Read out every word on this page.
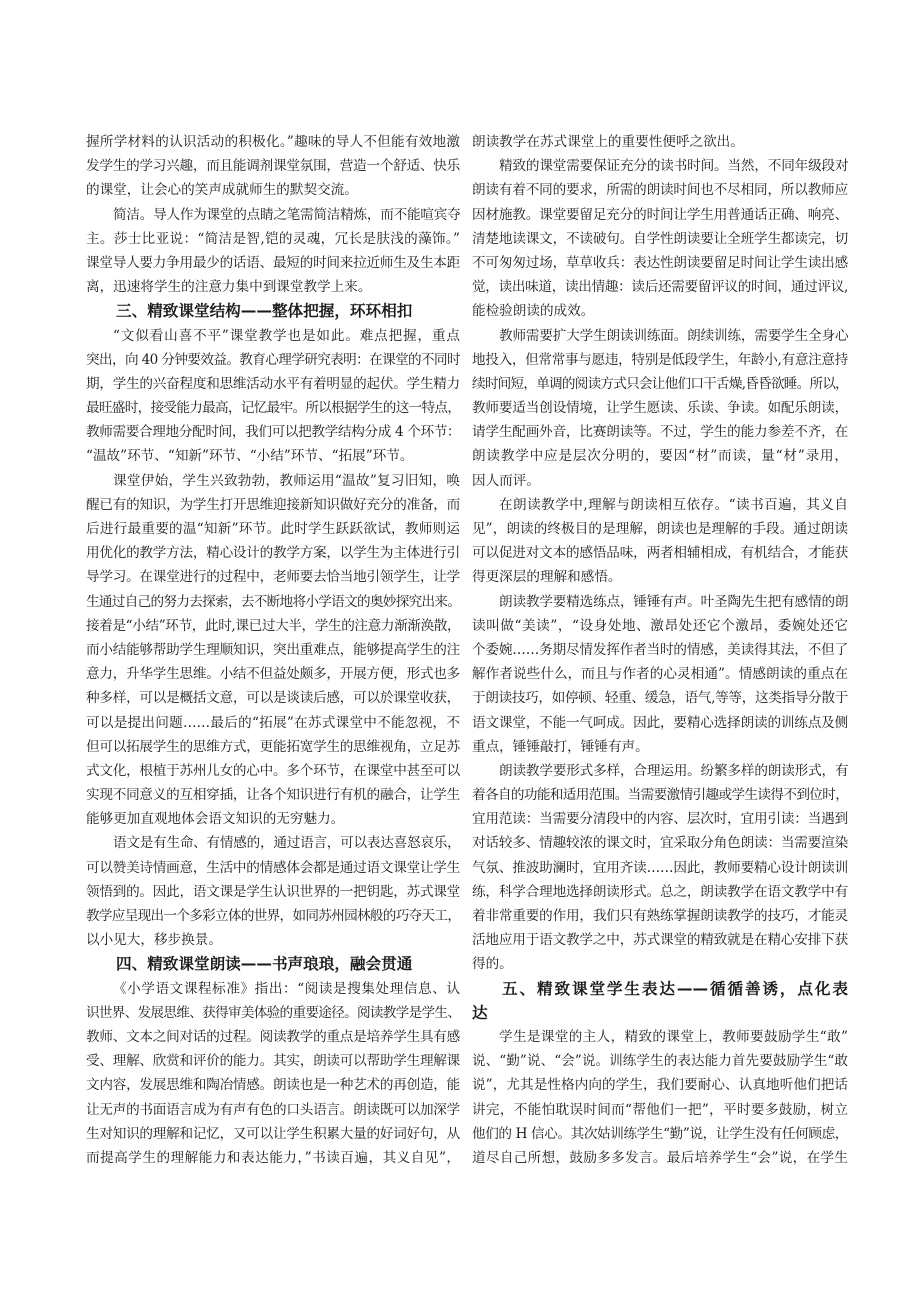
握所学材料的认识活动的积极化。”趣味的导人不但能有效地激
发学生的学习兴趣，而且能调剂课堂氛围，营造一个舒适、快乐
的课堂，让会心的笑声成就师生的默契交流。
简洁。导人作为课堂的点睛之笔需简洁精炼，而不能喧宾夺
主。莎士比亚说：“简洁是智,铠的灵魂，冗长是肤浅的藻饰。”
课堂导人要力争用最少的话语、最短的时间来拉近师生及生本距
离，迅速将学生的注意力集中到课堂教学上来。
三、精致课堂结构——整体把握，环环相扣
“文似看山喜不平”课堂教学也是如此。难点把握，重点
突出，向 40 分钟要效益。教育心理学研究表明：在课堂的不同时
期，学生的兴奋程度和思维活动水平有着明显的起伏。学生精力
最旺盛时，接受能力最高，记忆最牢。所以根据学生的这一特点，
教师需要合理地分配时间，我们可以把教学结构分成 4 个环节：
“温故”环节、“知新”环节、“小结”环节、“拓展”环节。
课堂伊始，学生兴致勃勃，教师运用“温故”复习旧知，唤
醒已有的知识，为学生打开思维迎接新知识做好充分的准备，而
后进行最重要的温“知新”环节。此时学生跃跃欲试，教师则运
用优化的教学方法，精心设计的教学方案，以学生为主体进行引
导学习。在课堂进行的过程中，老师要去恰当地引领学生，让学
生通过自己的努力去探索，去不断地将小学语文的奥妙探究出来。
接着是“小结”环节，此时,课已过大半，学生的注意力渐渐涣散，
而小结能够帮助学生理顺知识，突出重难点，能够提高学生的注
意力，升华学生思维。小结不但益处颇多，开展方便，形式也多
种多样，可以是概括文意，可以是谈读后感，可以於课堂收获，
可以是提出问题……最后的“拓展”在苏式课堂中不能忽视，不
但可以拓展学生的思维方式，更能拓宽学生的思维视角，立足苏
式文化，根植于苏州儿女的心中。多个环节，在课堂中甚至可以
实现不同意义的互相穿插，让各个知识进行有机的融合，让学生
能够更加直观地体会语文知识的无穷魅力。
语文是有生命、有情感的，通过语言，可以表达喜怒哀乐，
可以赞美诗情画意，生活中的情感体会都是通过语文课堂让学生
领悟到的。因此，语文课是学生认识世界的一把钥匙，苏式课堂
教学应呈现出一个多彩立体的世界，如同苏州园林般的巧夺天工，
以小见大，移步换景。
四、精致课堂朗读——书声琅琅，融会贯通
《小学语文课程标准》指出：“阅读是搜集处理信息、认
识世界、发展思维、获得审美体验的重要途径。阅读教学是学生、
教师、文本之间对话的过程。阅读教学的重点是培养学生具有感
受、理解、欣赏和评价的能力。其实，朗读可以帮助学生理解课
文内容，发展思维和陶冶情感。朗读也是一种艺术的再创造，能
让无声的书面语言成为有声有色的口头语言。朗读既可以加深学
生对知识的理解和记忆，又可以让学生积累大量的好词好句，从
而提高学生的理解能力和表达能力，”书读百遍，其义自见”，
朗读教学在苏式课堂上的重要性便呼之欲出。
精致的课堂需要保证充分的读书时间。当然，不同年级段对
朗读有着不同的要求，所需的朗读时间也不尽相同，所以教师应
因材施教。课堂要留足充分的时间让学生用普通话正确、响亮、
清楚地读课文，不读破句。自学性朗读要让全班学生都读完，切
不可匆匆过场，草草收兵：表达性朗读要留足时间让学生读出感
觉，读出味道，读出情趣：读后还需要留评议的时间，通过评议,
能检验朗读的成效。
教师需要扩大学生朗读训练面。朗续训练，需要学生全身心
地投入，但常常事与愿违，特别是低段学生，年龄小,有意注意持
续时间短，单调的阅读方式只会让他们口干舌燥,昏昏欲睡。所以，
教师要适当创设情境，让学生愿读、乐读、争读。如配乐朗读，
请学生配画外音，比赛朗读等。不过，学生的能力参差不齐，在
朗读教学中应是层次分明的，要因“材”而读，量“材”录用，
因人而评。
在朗读教学中,理解与朗读相互依存。“读书百遍，其义自
见”，朗读的终极目的是理解，朗读也是理解的手段。通过朗读
可以促进对文本的感悟品味，两者相辅相成，有机结合，才能获
得更深层的理解和感悟。
朗读教学要精选练点，锤锤有声。叶圣陶先生把有感情的朗
读叫做“美读”，“设身处地、激昂处还它个激昂，委婉处还它
个委婉……务期尽情发挥作者当时的情感，美读得其法，不但了
解作者说些什么，而且与作者的心灵相通”。情感朗读的重点在
于朗读技巧，如停顿、轻重、缓急，语气,等等，这类指导分散于
语文课堂，不能一气呵成。因此，要精心选择朗读的训练点及侧
重点，锤锤敲打，锤锤有声。
朗读教学要形式多样，合理运用。纷繁多样的朗读形式，有
着各自的功能和适用范围。当需要激情引趣或学生读得不到位时，
宜用范读：当需要分清段中的内容、层次时，宜用引读：当遇到
对话较多、情趣较浓的课文时，宜采取分角色朗读：当需要渲染
气氛、推波助澜时，宜用齐读……因此，教师要精心设计朗读训
练，科学合理地选择朗读形式。总之，朗读教学在语文教学中有
着非常重要的作用，我们只有熟练掌握朗读教学的技巧，才能灵
活地应用于语文教学之中，苏式课堂的精致就是在精心安排下获
得的。
五、精致课堂学生表达——循循善诱，点化表
达
学生是课堂的主人，精致的课堂上，教师要鼓励学生“敢”
说、“勤”说、“会”说。训练学生的表达能力首先要鼓励学生“敢
说”，尤其是性格内向的学生，我们要耐心、认真地听他们把话
讲完，不能怕耽误时间而“帮他们一把”，平时要多鼓励，树立
他们的 H 信心。其次姑训练学生“勤”说，让学生没有任何顾虑，
道尽自己所想，鼓励多多发言。最后培养学生“会”说，在学生
